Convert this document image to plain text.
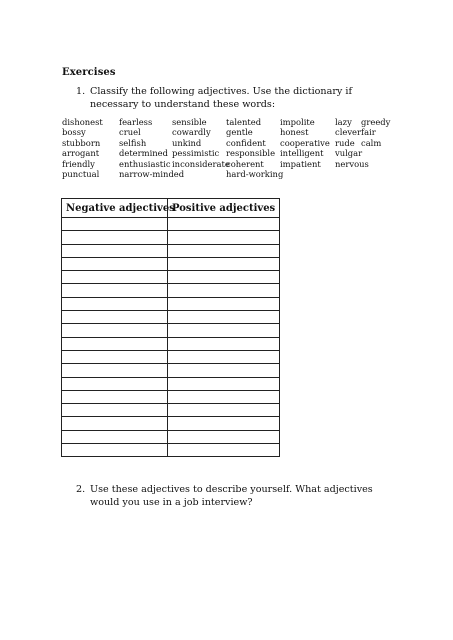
Exercises
1. Classify the following adjectives. Use the dictionary if necessary to understand these words:
dishonest
bossy
stubborn
arrogant
friendly
punctual
fearless
cruel
selfish
determined
enthusiastic
narrow-minded
sensible
cowardly
unkind
pessimistic
inconsiderate
talented
gentle
confident
responsible
coherent
hard-working
impolite
honest
cooperative
intelligent
impatient
lazy
clever
rude
vulgar
nervous
greedy
fair
calm
Negative adjectives	Positive adjectives

2. Use these adjectives to describe yourself. What adjectives would you use in a job interview?
